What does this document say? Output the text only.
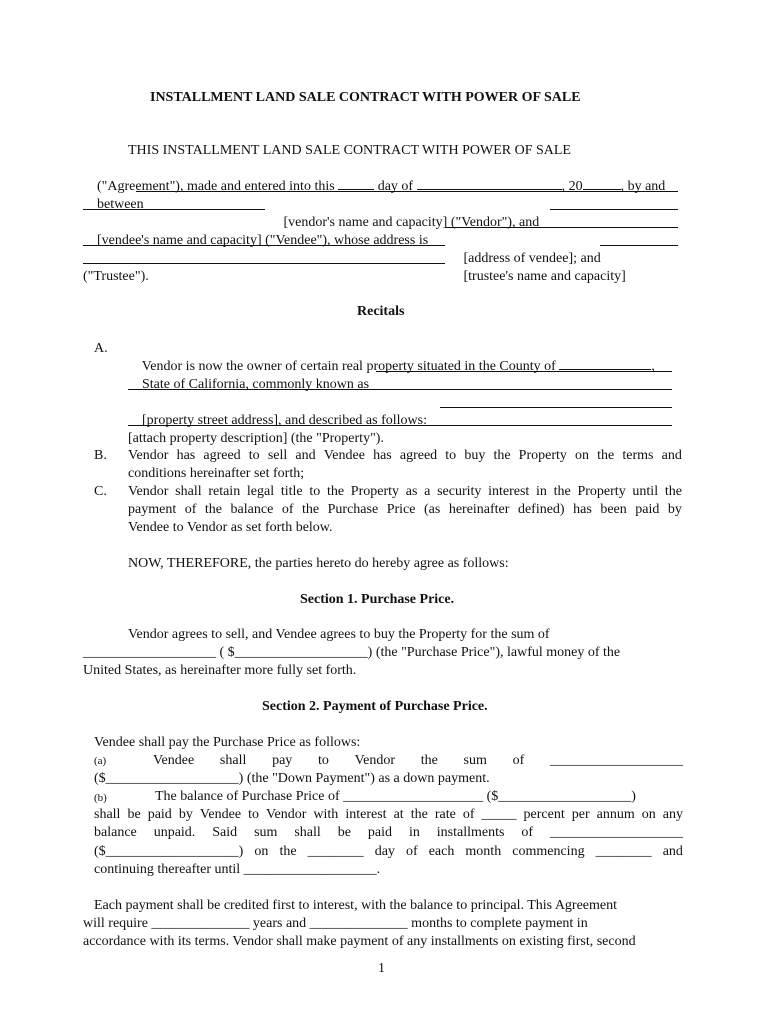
INSTALLMENT LAND SALE CONTRACT WITH POWER OF SALE
THIS INSTALLMENT LAND SALE CONTRACT WITH POWER OF SALE

("Agreement"), made and entered into this	day of	, 20	, by and

between

[vendor's name and capacity] ("Vendor"), and

[vendee's name and capacity] ("Vendee"), whose address is

[address of vendee]; and

[trustee's name and capacity]

("Trustee").
Recitals
A.

Vendor is now the owner of certain real property situated in the County of	,

State of California, commonly known as

[property street address], and described as follows:

[attach property description] (the "Property").
B. Vendor has agreed to sell and Vendee has agreed to buy the Property on the terms and
conditions hereinafter set forth;
C. Vendor shall retain legal title to the Property as a security interest in the Property until the
payment of the balance of the Purchase Price (as hereinafter defined) has been paid by
Vendee to Vendor as set forth below.
NOW, THEREFORE, the parties hereto do hereby agree as follows:
Section 1. Purchase Price.
Vendor agrees to sell, and Vendee agrees to buy the Property for the sum of
___________________ ( $___________________) (the "Purchase Price"), lawful money of the
United States, as hereinafter more fully set forth.
Section 2. Payment of Purchase Price.
Vendee shall pay the Purchase Price as follows:
(a)	Vendee shall pay to Vendor the sum of ___________________
($___________________) (the "Down Payment") as a down payment.
(b)	The balance of Purchase Price of ____________________ ($___________________)
shall be paid by Vendee to Vendor with interest at the rate of _____ percent per annum on any
balance unpaid. Said sum shall be paid in installments of ___________________
($___________________) on the ________ day of each month commencing ________ and
continuing thereafter until ___________________.
Each payment shall be credited first to interest, with the balance to principal. This Agreement
will require ______________ years and ______________ months to complete payment in
accordance with its terms. Vendor shall make payment of any installments on existing first, second
1
